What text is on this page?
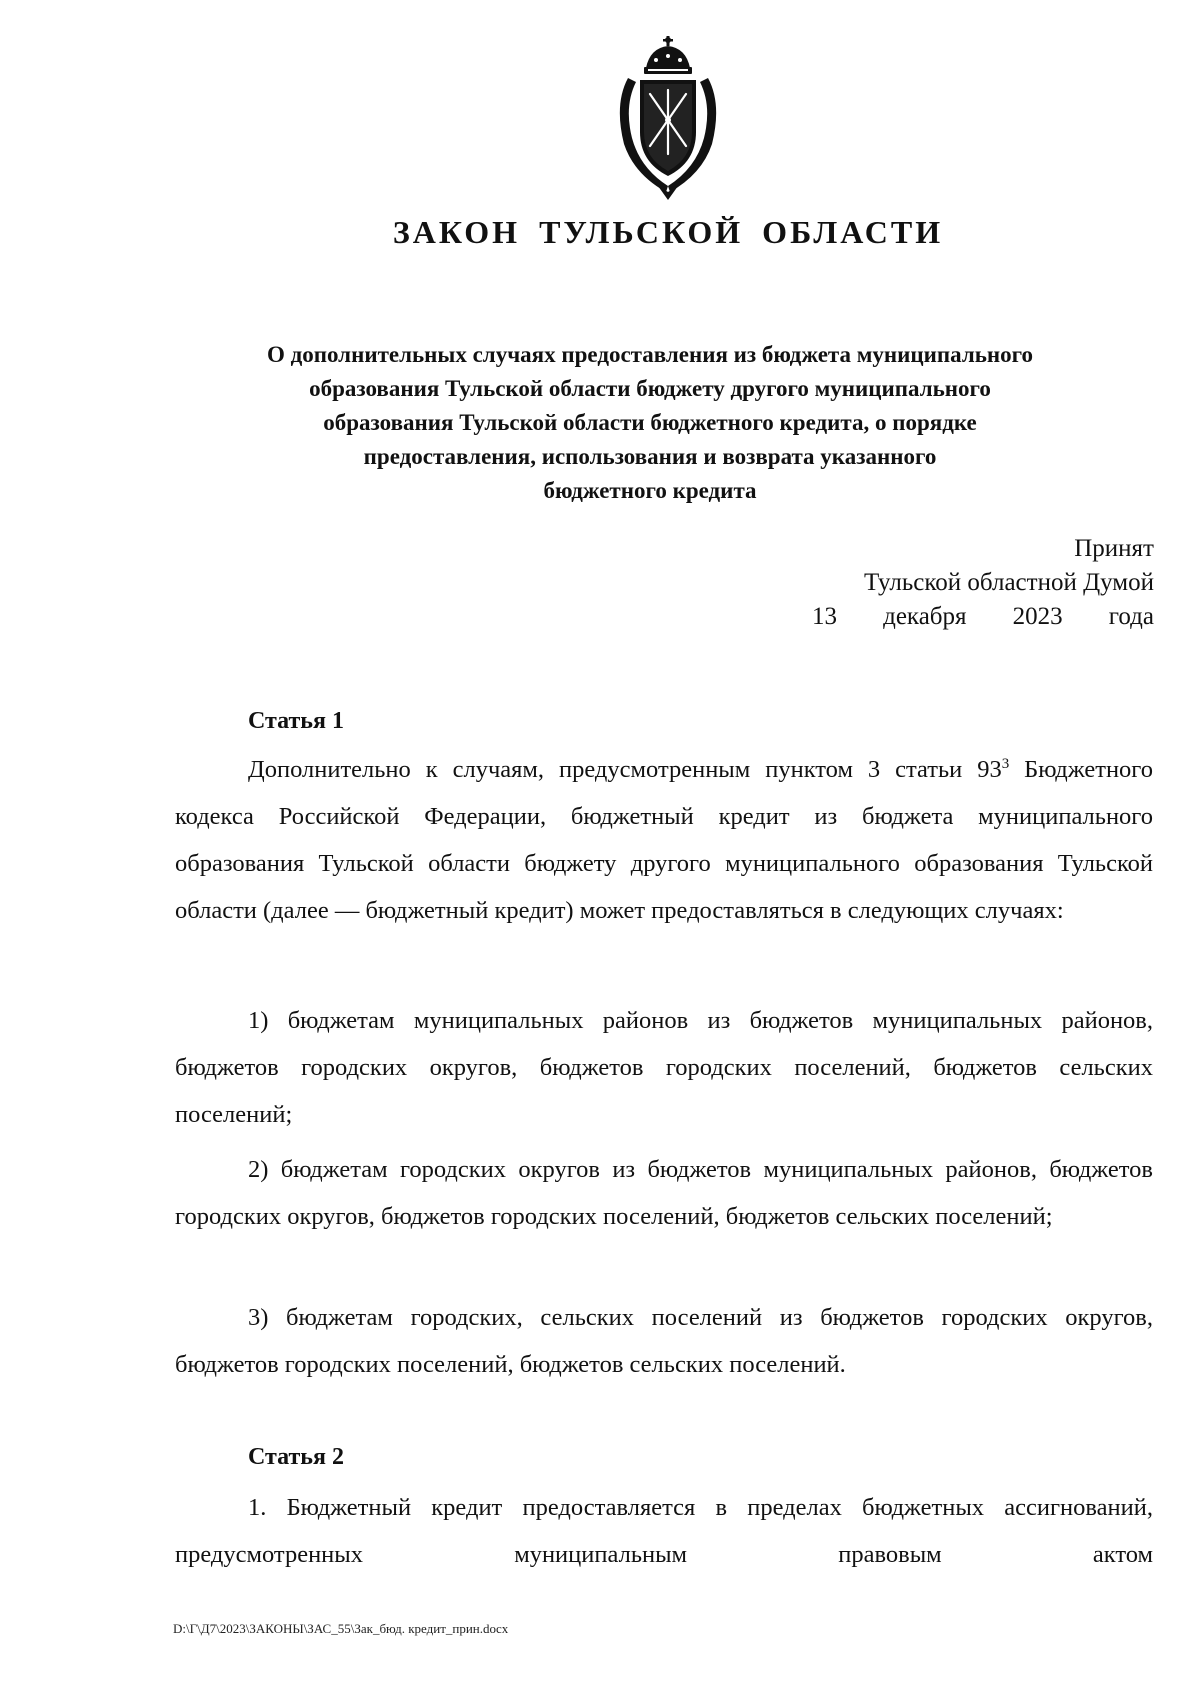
ЗАКОН ТУЛЬСКОЙ ОБЛАСТИ
О дополнительных случаях предоставления из бюджета муниципального
образования Тульской области бюджету другого муниципального
образования Тульской области бюджетного кредита, о порядке
предоставления, использования и возврата указанного
бюджетного кредита
Принят
Тульской областной Думой
13 декабря 2023 года
Статья 1
Дополнительно к случаям, предусмотренным пунктом 3 статьи $93^3$ Бюджетного кодекса Российской Федерации, бюджетный кредит из бюджета муниципального образования Тульской области бюджету другого муниципального образования Тульской области (далее — бюджетный кредит) может предоставляться в следующих случаях:
1) бюджетам муниципальных районов из бюджетов муниципальных районов, бюджетов городских округов, бюджетов городских поселений, бюджетов сельских поселений;
2) бюджетам городских округов из бюджетов муниципальных районов, бюджетов городских округов, бюджетов городских поселений, бюджетов сельских поселений;
3) бюджетам городских, сельских поселений из бюджетов городских округов, бюджетов городских поселений, бюджетов сельских поселений.
Статья 2
1. Бюджетный кредит предоставляется в пределах бюджетных ассигнований, предусмотренных муниципальным правовым актом
D:\Г\Д7\2023\ЗАКОНЫ\ЗАС_55\Зак_бюд. кредит_прин.docx
